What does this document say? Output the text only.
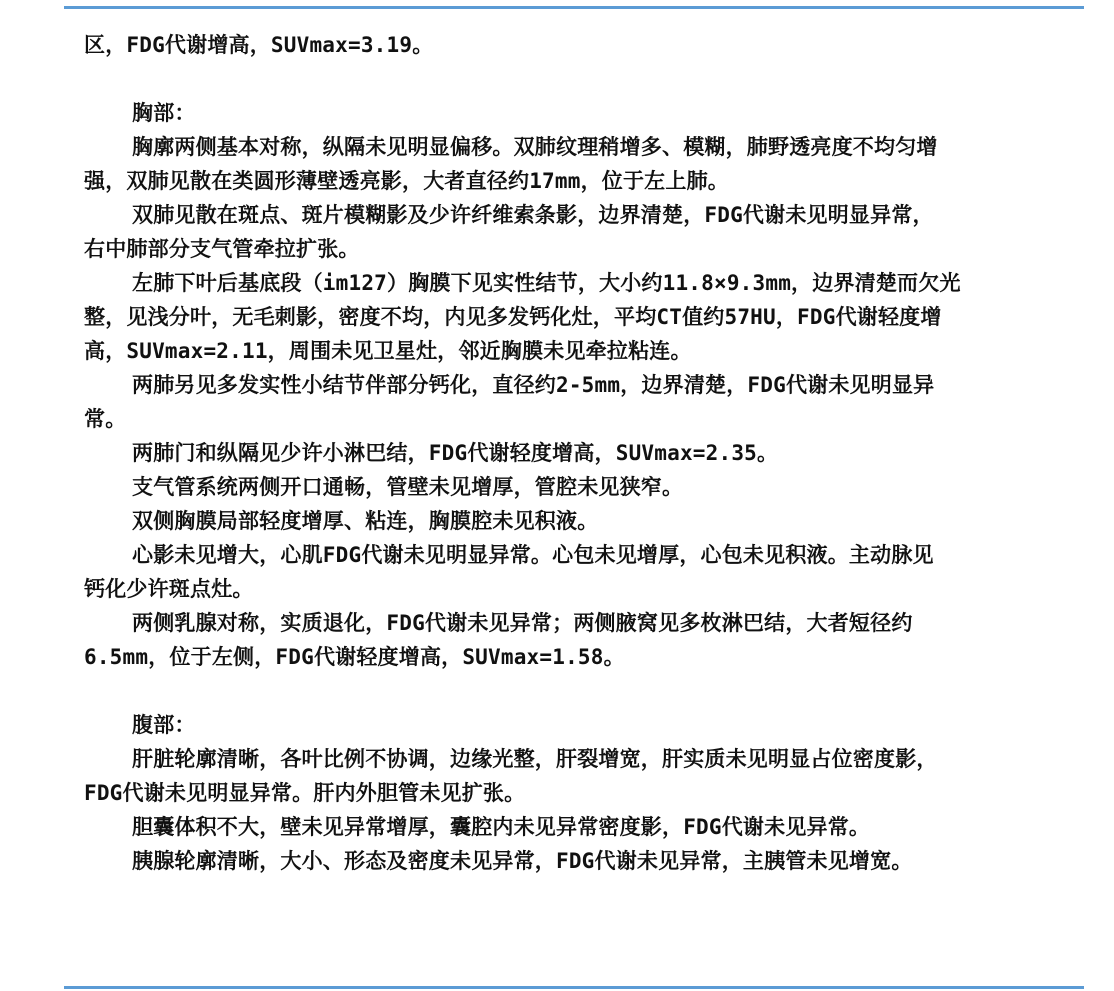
区，FDG代谢增高，SUVmax=3.19。
胸部：
胸廓两侧基本对称，纵隔未见明显偏移。双肺纹理稍增多、模糊，肺野透亮度不均匀增
强，双肺见散在类圆形薄壁透亮影，大者直径约17mm，位于左上肺。
双肺见散在斑点、斑片模糊影及少许纤维索条影，边界清楚，FDG代谢未见明显异常，
右中肺部分支气管牵拉扩张。
左肺下叶后基底段（im127）胸膜下见实性结节，大小约11.8×9.3mm，边界清楚而欠光
整，见浅分叶，无毛刺影，密度不均，内见多发钙化灶，平均CT值约57HU，FDG代谢轻度增
高，SUVmax=2.11，周围未见卫星灶，邻近胸膜未见牵拉粘连。
两肺另见多发实性小结节伴部分钙化，直径约2-5mm，边界清楚，FDG代谢未见明显异
常。
两肺门和纵隔见少许小淋巴结，FDG代谢轻度增高，SUVmax=2.35。
支气管系统两侧开口通畅，管壁未见增厚，管腔未见狭窄。
双侧胸膜局部轻度增厚、粘连，胸膜腔未见积液。
心影未见增大，心肌FDG代谢未见明显异常。心包未见增厚，心包未见积液。主动脉见
钙化少许斑点灶。
两侧乳腺对称，实质退化，FDG代谢未见异常；两侧腋窝见多枚淋巴结，大者短径约
6.5mm，位于左侧，FDG代谢轻度增高，SUVmax=1.58。
腹部：
肝脏轮廓清晰，各叶比例不协调，边缘光整，肝裂增宽，肝实质未见明显占位密度影，
FDG代谢未见明显异常。肝内外胆管未见扩张。
胆囊体积不大，壁未见异常增厚，囊腔内未见异常密度影，FDG代谢未见异常。
胰腺轮廓清晰，大小、形态及密度未见异常，FDG代谢未见异常，主胰管未见增宽。
